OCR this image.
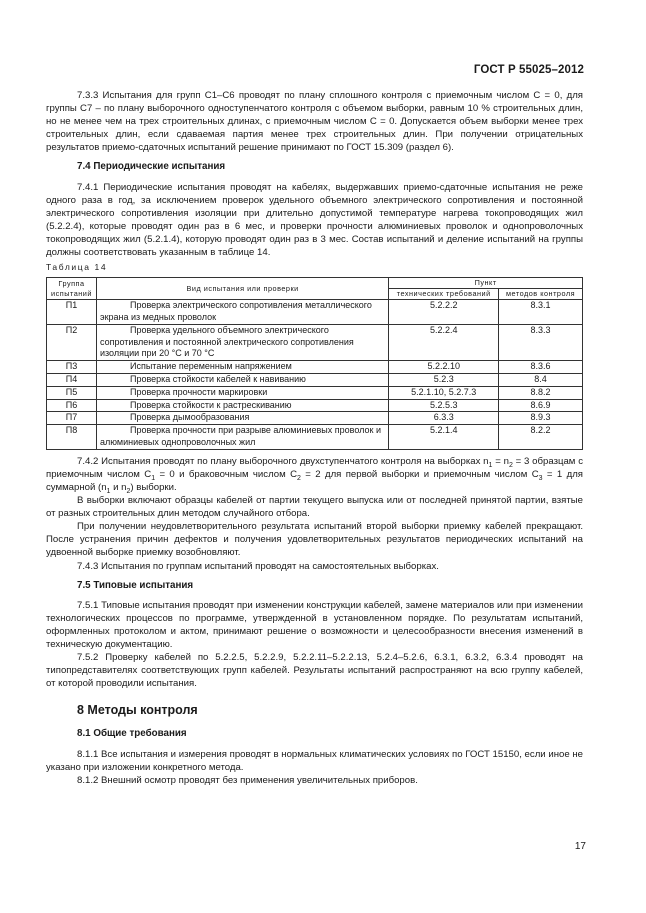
ГОСТ Р 55025–2012

7.3.3 Испытания для групп С1–С6 проводят по плану сплошного контроля с приемочным числом С = 0, для группы С7 – по плану выборочного одноступенчатого контроля с объемом выборки, равным 10 % строительных длин, но не менее чем на трех строительных длинах, с приемочным числом С = 0. Допускается объем выборки менее трех строительных длин, если сдаваемая партия менее трех строительных длин. При получении отрицательных результатов приемо-сдаточных испытаний решение принимают по ГОСТ 15.309 (раздел 6).

7.4 Периодические испытания

7.4.1 Периодические испытания проводят на кабелях, выдержавших приемо-сдаточные испытания не реже одного раза в год, за исключением проверок удельного объемного электрического сопротивления и постоянной электрического сопротивления изоляции при длительно допустимой температуре нагрева токопроводящих жил (5.2.2.4), которые проводят один раз в 6 мес, и проверки прочности алюминиевых проволок и однопроволочных токопроводящих жил (5.2.1.4), которую проводят один раз в 3 мес. Состав испытаний и деление испытаний на группы должны соответствовать указанным в таблице 14.

Таблица 14
Группа испытаний	Вид испытания или проверки	Пункт	
		технических требований	методов контроля
П1	Проверка электрического сопротивления металлического экрана из медных проволок	5.2.2.2	8.3.1
П2	Проверка удельного объемного электрического сопротивления и постоянной электрического сопротивления изоляции при 20 °С и 70 °С	5.2.2.4	8.3.3
П3	Испытание переменным напряжением	5.2.2.10	8.3.6
П4	Проверка стойкости кабелей к навиванию	5.2.3	8.4
П5	Проверка прочности маркировки	5.2.1.10, 5.2.7.3	8.8.2
П6	Проверка стойкости к растрескиванию	5.2.5.3	8.6.9
П7	Проверка дымообразования	6.3.3	8.9.3
П8	Проверка прочности при разрыве алюминиевых проволок и алюминиевых однопроволочных жил	5.2.1.4	8.2.2

7.4.2 Испытания проводят по плану выборочного двухступенчатого контроля на выборках $n_1 = n_2 = 3$ образцам с приемочным числом $С_1 = 0$ и браковочным числом $С_2 = 2$ для первой выборки и приемочным числом $С_3 = 1$ для суммарной ($n_1$ и $n_2$) выборки.

В выборки включают образцы кабелей от партии текущего выпуска или от последней принятой партии, взятые от разных строительных длин методом случайного отбора.

При получении неудовлетворительного результата испытаний второй выборки приемку кабелей прекращают. После устранения причин дефектов и получения удовлетворительных результатов периодических испытаний на удвоенной выборке приемку возобновляют.

7.4.3 Испытания по группам испытаний проводят на самостоятельных выборках.

7.5 Типовые испытания

7.5.1 Типовые испытания проводят при изменении конструкции кабелей, замене материалов или при изменении технологических процессов по программе, утвержденной в установленном порядке. По результатам испытаний, оформленных протоколом и актом, принимают решение о возможности и целесообразности внесения изменений в техническую документацию.

7.5.2 Проверку кабелей по 5.2.2.5, 5.2.2.9, 5.2.2.11–5.2.2.13, 5.2.4–5.2.6, 6.3.1, 6.3.2, 6.3.4 проводят на типопредставителях соответствующих групп кабелей. Результаты испытаний распространяют на всю группу кабелей, от которой проводили испытания.

8 Методы контроля
8.1 Общие требования

8.1.1 Все испытания и измерения проводят в нормальных климатических условиях по ГОСТ 15150, если иное не указано при изложении конкретного метода.

8.1.2 Внешний осмотр проводят без применения увеличительных приборов.

17
